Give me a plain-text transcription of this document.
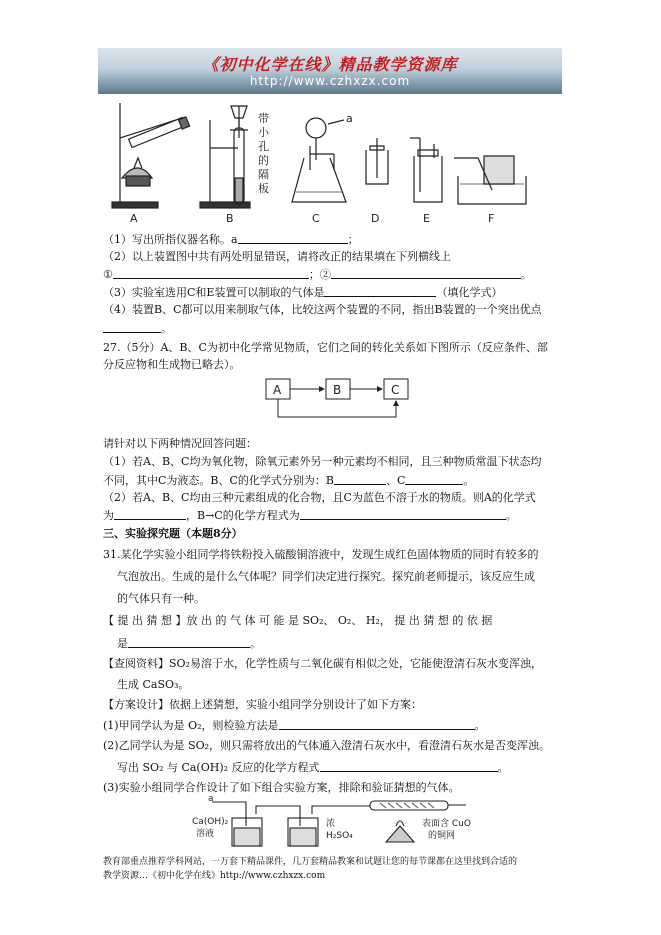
《初中化学在线》精品教学资源库
http://www.czhxzx.com
A	B	C	D	E	F
a
带
小
孔
的
隔
板
（1）写出所指仪器名称。a	；
（2）以上装置图中共有两处明显错误，请将改正的结果填在下列横线上
①	；②	。
（3）实验室选用C和E装置可以制取的气体是	（填化学式）
（4）装置B、C都可以用来制取气体，比较这两个装置的不同，指出B装置的一个突出优点
。
27.（5分）A、B、C为初中化学常见物质，它们之间的转化关系如下图所示（反应条件、部
分反应物和生成物已略去）。
A	B	C
请针对以下两种情况回答问题：
（1）若A、B、C均为氧化物，除氧元素外另一种元素均不相同，且三种物质常温下状态均
不同，其中C为液态。B、C的化学式分别为：B	、C	。
（2）若A、B、C均由三种元素组成的化合物，且C为蓝色不溶于水的物质。则A的化学式
为	，B→C的化学方程式为	。
三、实验探究题（本题8分）
31.某化学实验小组同学将铁粉投入硫酸铜溶液中，发现生成红色固体物质的同时有较多的
气泡放出。生成的是什么气体呢？同学们决定进行探究。探究前老师提示，该反应生成
的气体只有一种。
【 提 出 猜 想 】放 出 的 气 体 可 能 是 SO₂、 O₂、 H₂， 提 出 猜 想 的 依 据
是	。
【查阅资料】SO₂易溶于水，化学性质与二氧化碳有相似之处，它能使澄清石灰水变浑浊，
生成 CaSO₃。
【方案设计】依据上述猜想，实验小组同学分别设计了如下方案：
(1)甲同学认为是 O₂，则检验方法是	。
(2)乙同学认为是 SO₂，则只需将放出的气体通入澄清石灰水中，看澄清石灰水是否变浑浊。
写出 SO₂ 与 Ca(OH)₂ 反应的化学方程式	。
(3)实验小组同学合作设计了如下组合实验方案，排除和验证猜想的气体。
a
Ca(OH)₂
溶液
浓
H₂SO₄
表面含 CuO
的铜网
教育部重点推荐学科网站，一万套下精品课件，几万套精品教案和试题让您的每节课都在这里找到合适的
教学资源…《初中化学在线》http://www.czhxzx.com
